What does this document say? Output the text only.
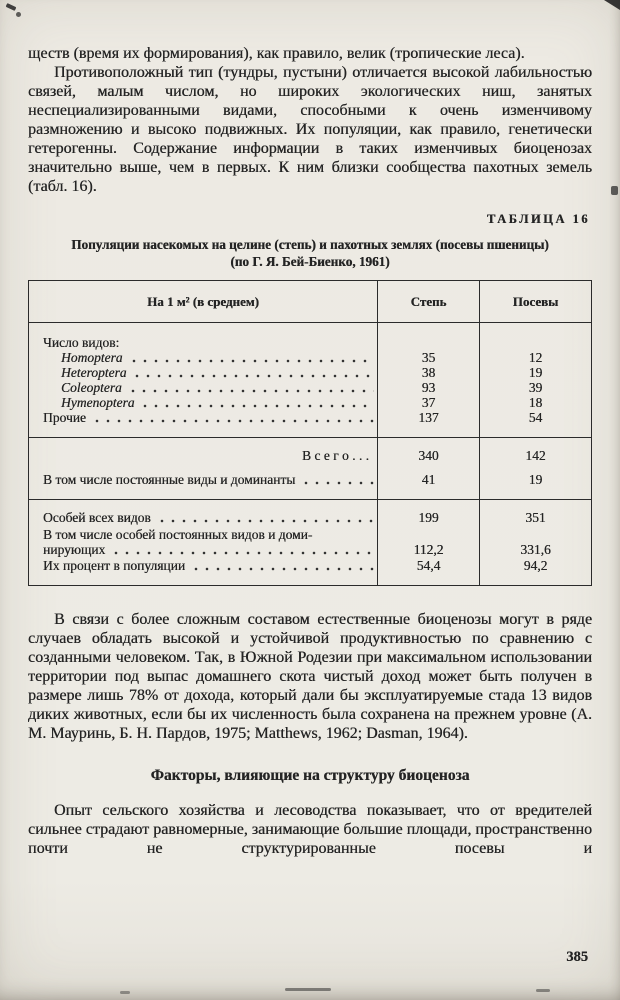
ществ (время их формирования), как правило, велик (тропические леса).

Противоположный тип (тундры, пустыни) отличается высокой лабильностью связей, малым числом, но широких экологических ниш, занятых неспециализированными видами, способными к очень изменчивому размножению и высоко подвижных. Их популяции, как правило, генетически гетерогенны. Содержание информации в таких изменчивых биоценозах значительно выше, чем в первых. К ним близки сообщества пахотных земель (табл. 16).

ТАБЛИЦА 16
Популяции насекомых на целине (степь) и пахотных землях (посевы пшеницы)
(по Г. Я. Бей-Биенко, 1961)
На 1 м² (в среднем)	Степь	Посевы
Число видов:		

Homoptera	35	12

Heteroptera	38	19

Coleoptera	93	39

Hymenoptera	37	18

Прочие	137	54
В с е г о . . .	340	142

В том числе постоянные виды и доминанты	41	19

Особей всех видов	199	351

В том числе особей постоянных видов и доми-
нирующих	112,2	331,6

Их процент в популяции	54,4	94,2

В связи с более сложным составом естественные биоценозы могут в ряде случаев обладать высокой и устойчивой продуктивностью по сравнению с созданными человеком. Так, в Южной Родезии при максимальном использовании территории под выпас домашнего скота чистый доход может быть получен в размере лишь 78% от дохода, который дали бы эксплуатируемые стада 13 видов диких животных, если бы их численность была сохранена на прежнем уровне (А. М. Мауринь, Б. Н. Пардов, 1975; Matthews, 1962; Dasman, 1964).

Факторы, влияющие на структуру биоценоза

Опыт сельского хозяйства и лесоводства показывает, что от вредителей сильнее страдают равномерные, занимающие большие площади, пространственно почти не структурированные посевы и

385
